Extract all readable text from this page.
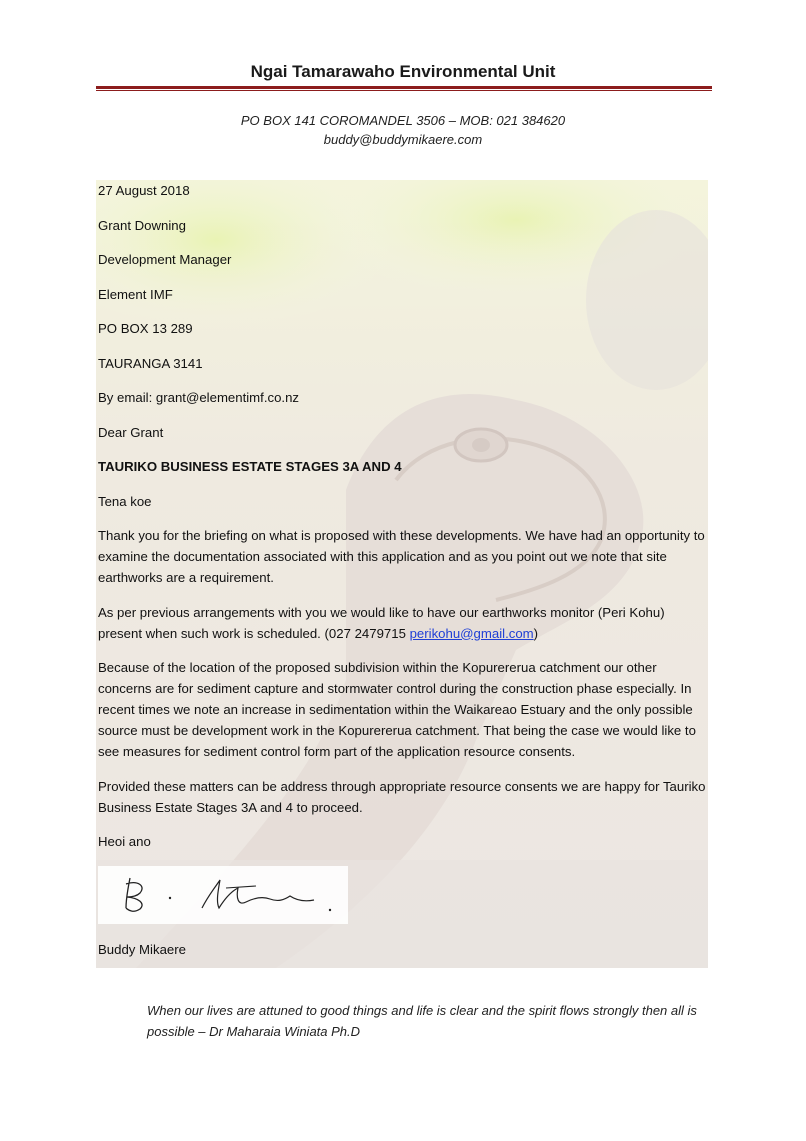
Ngai Tamarawaho Environmental Unit
PO BOX 141 COROMANDEL 3506 – MOB: 021 384620
buddy@buddymikaere.com

27 August 2018

Grant Downing

Development Manager

Element IMF

PO BOX 13 289

TAURANGA 3141

By email: grant@elementimf.co.nz

Dear Grant

TAURIKO BUSINESS ESTATE STAGES 3A AND 4

Tena koe

Thank you for the briefing on what is proposed with these developments. We have had an opportunity to examine the documentation associated with this application and as you point out we note that site earthworks are a requirement.

As per previous arrangements with you we would like to have our earthworks monitor (Peri Kohu) present when such work is scheduled. (027 2479715 perikohu@gmail.com)

Because of the location of the proposed subdivision within the Kopurererua catchment our other concerns are for sediment capture and stormwater control during the construction phase especially. In recent times we note an increase in sedimentation within the Waikareao Estuary and the only possible source must be development work in the Kopurererua catchment. That being the case we would like to see measures for sediment control form part of the application resource consents.

Provided these matters can be address through appropriate resource consents we are happy for Tauriko Business Estate Stages 3A and 4 to proceed.

Heoi ano

Buddy Mikaere
When our lives are attuned to good things and life is clear and the spirit flows strongly then all is possible – Dr Maharaia Winiata Ph.D
